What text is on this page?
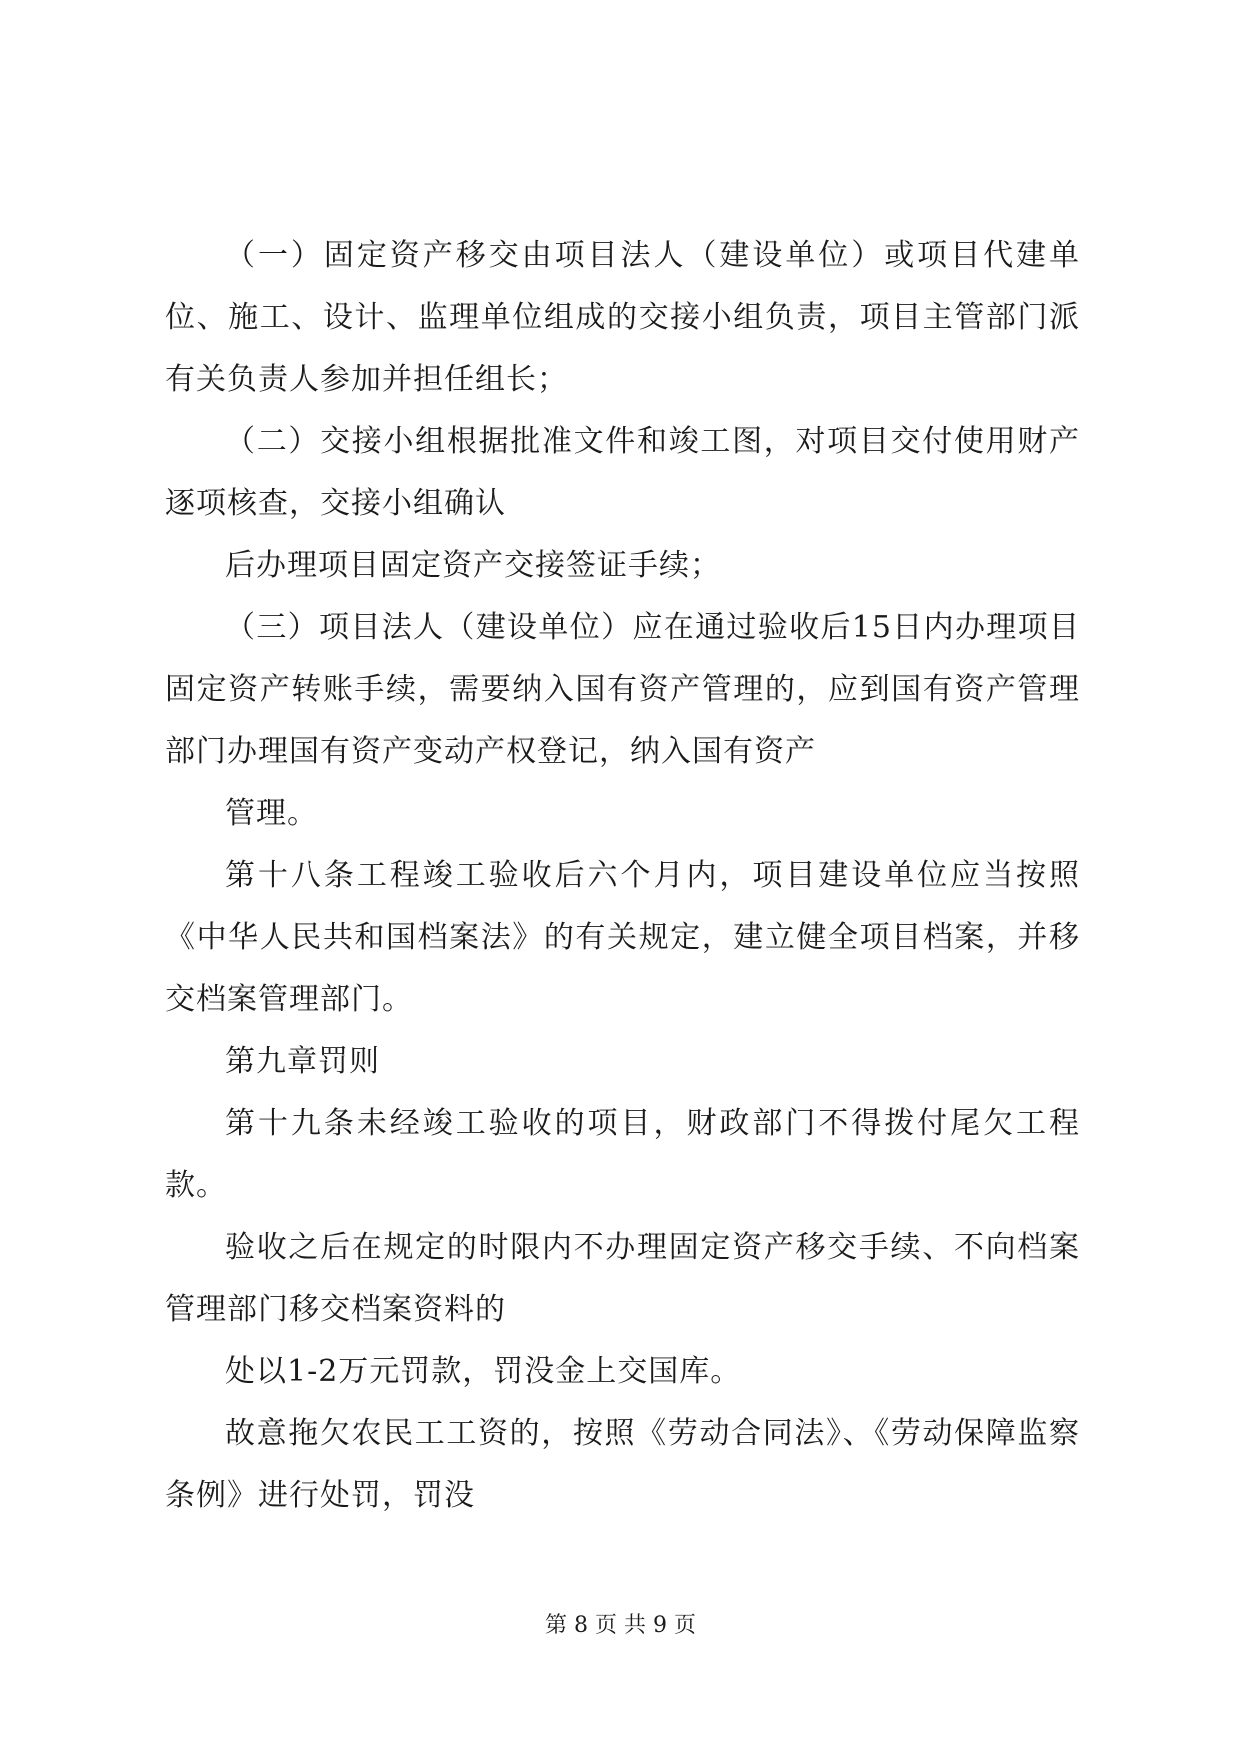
（一）固定资产移交由项目法人（建设单位）或项目代建单位、施工、设计、监理单位组成的交接小组负责，项目主管部门派有关负责人参加并担任组长；

（二）交接小组根据批准文件和竣工图，对项目交付使用财产逐项核查，交接小组确认

后办理项目固定资产交接签证手续；

（三）项目法人（建设单位）应在通过验收后15日内办理项目固定资产转账手续，需要纳入国有资产管理的，应到国有资产管理部门办理国有资产变动产权登记，纳入国有资产

管理。

第十八条工程竣工验收后六个月内，项目建设单位应当按照《中华人民共和国档案法》的有关规定，建立健全项目档案，并移交档案管理部门。

第九章罚则

第十九条未经竣工验收的项目，财政部门不得拨付尾欠工程款。

验收之后在规定的时限内不办理固定资产移交手续、不向档案管理部门移交档案资料的

处以1-2万元罚款，罚没金上交国库。

故意拖欠农民工工资的，按照《劳动合同法》、《劳动保障监察条例》进行处罚，罚没

第 8 页 共 9 页
